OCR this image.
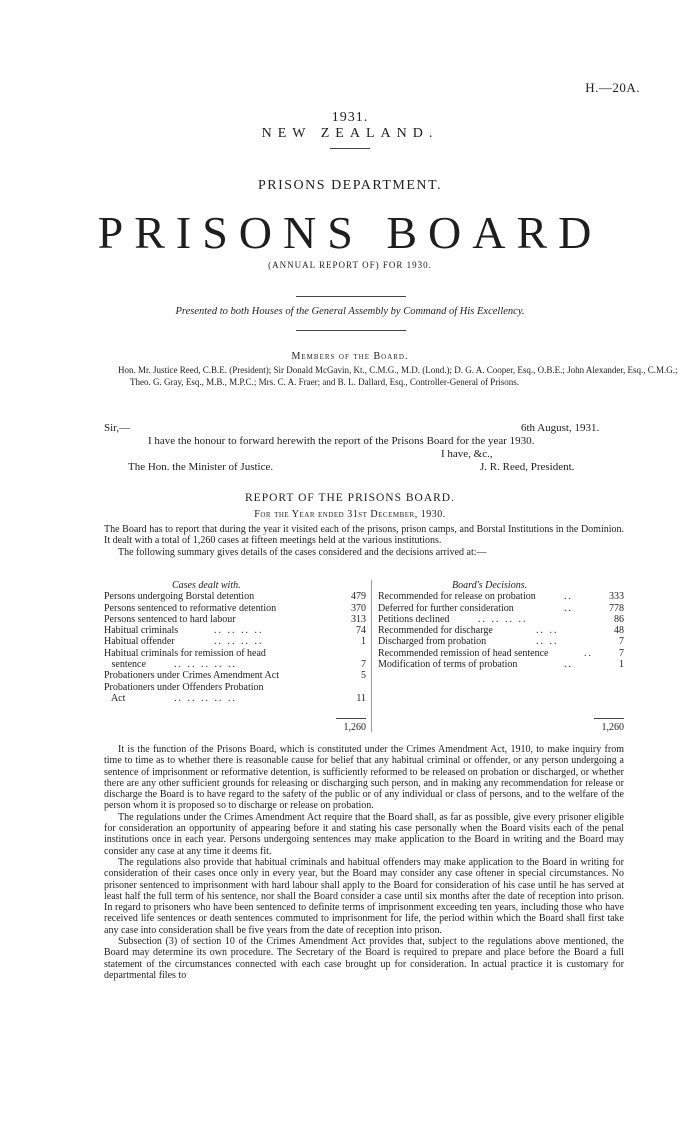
H.—20A.
1931.
NEW ZEALAND.
PRISONS DEPARTMENT.
PRISONS BOARD
(ANNUAL REPORT OF) FOR 1930.
Presented to both Houses of the General Assembly by Command of His Excellency.
Members of the Board.
Hon. Mr. Justice Reed, C.B.E. (President); Sir Donald McGavin, Kt., C.M.G., M.D. (Lond.); D. G. A. Cooper, Esq., O.B.E.; John Alexander, Esq., C.M.G.; Theo. G. Gray, Esq., M.B., M.P.C.; Mrs. C. A. Fraer; and B. L. Dallard, Esq., Controller-General of Prisons.
Sir,—	6th August, 1931.
I have the honour to forward herewith the report of the Prisons Board for the year 1930.
I have, &c.,
The Hon. the Minister of Justice.	J. R. Reed, President.
REPORT OF THE PRISONS BOARD.
For the Year ended 31st December, 1930.

The Board has to report that during the year it visited each of the prisons, prison camps, and Borstal Institutions in the Dominion. It dealt with a total of 1,260 cases at fifteen meetings held at the various institutions.

The following summary gives details of the cases considered and the decisions arrived at:—

Cases dealt with.
Persons undergoing Borstal detention	479
Persons sentenced to reformative detention	370
Persons sentenced to hard labour	313
Habitual criminals	.. .. .. ..	74
Habitual offender	.. .. .. ..	1
Habitual criminals for remission of head
sentence	.. .. .. .. ..	7
Probationers under Crimes Amendment Act	5
Probationers under Offenders Probation
Act	.. .. .. .. ..	11
1,260
Board's Decisions.
Recommended for release on probation	..	333
Deferred for further consideration	..	778
Petitions declined	.. .. .. ..	86
Recommended for discharge	.. ..	48
Discharged from probation	.. ..	7
Recommended remission of head sentence	..	7
Modification of terms of probation	..	1
1,260

It is the function of the Prisons Board, which is constituted under the Crimes Amendment Act, 1910, to make inquiry from time to time as to whether there is reasonable cause for belief that any habitual criminal or offender, or any person undergoing a sentence of imprisonment or reformative detention, is sufficiently reformed to be released on probation or discharged, or whether there are any other sufficient grounds for releasing or discharging such person, and in making any recommendation for release or discharge the Board is to have regard to the safety of the public or of any individual or class of persons, and to the welfare of the person whom it is proposed so to discharge or release on probation.

The regulations under the Crimes Amendment Act require that the Board shall, as far as possible, give every prisoner eligible for consideration an opportunity of appearing before it and stating his case personally when the Board visits each of the penal institutions once in each year. Persons undergoing sentences may make application to the Board in writing and the Board may consider any case at any time it deems fit.

The regulations also provide that habitual criminals and habitual offenders may make application to the Board in writing for consideration of their cases once only in every year, but the Board may consider any case oftener in special circumstances. No prisoner sentenced to imprisonment with hard labour shall apply to the Board for consideration of his case until he has served at least half the full term of his sentence, nor shall the Board consider a case until six months after the date of reception into prison. In regard to prisoners who have been sentenced to definite terms of imprisonment exceeding ten years, including those who have received life sentences or death sentences commuted to imprisonment for life, the period within which the Board shall first take any case into consideration shall be five years from the date of reception into prison.

Subsection (3) of section 10 of the Crimes Amendment Act provides that, subject to the regulations above mentioned, the Board may determine its own procedure. The Secretary of the Board is required to prepare and place before the Board a full statement of the circumstances connected with each case brought up for consideration. In actual practice it is customary for departmental files to
